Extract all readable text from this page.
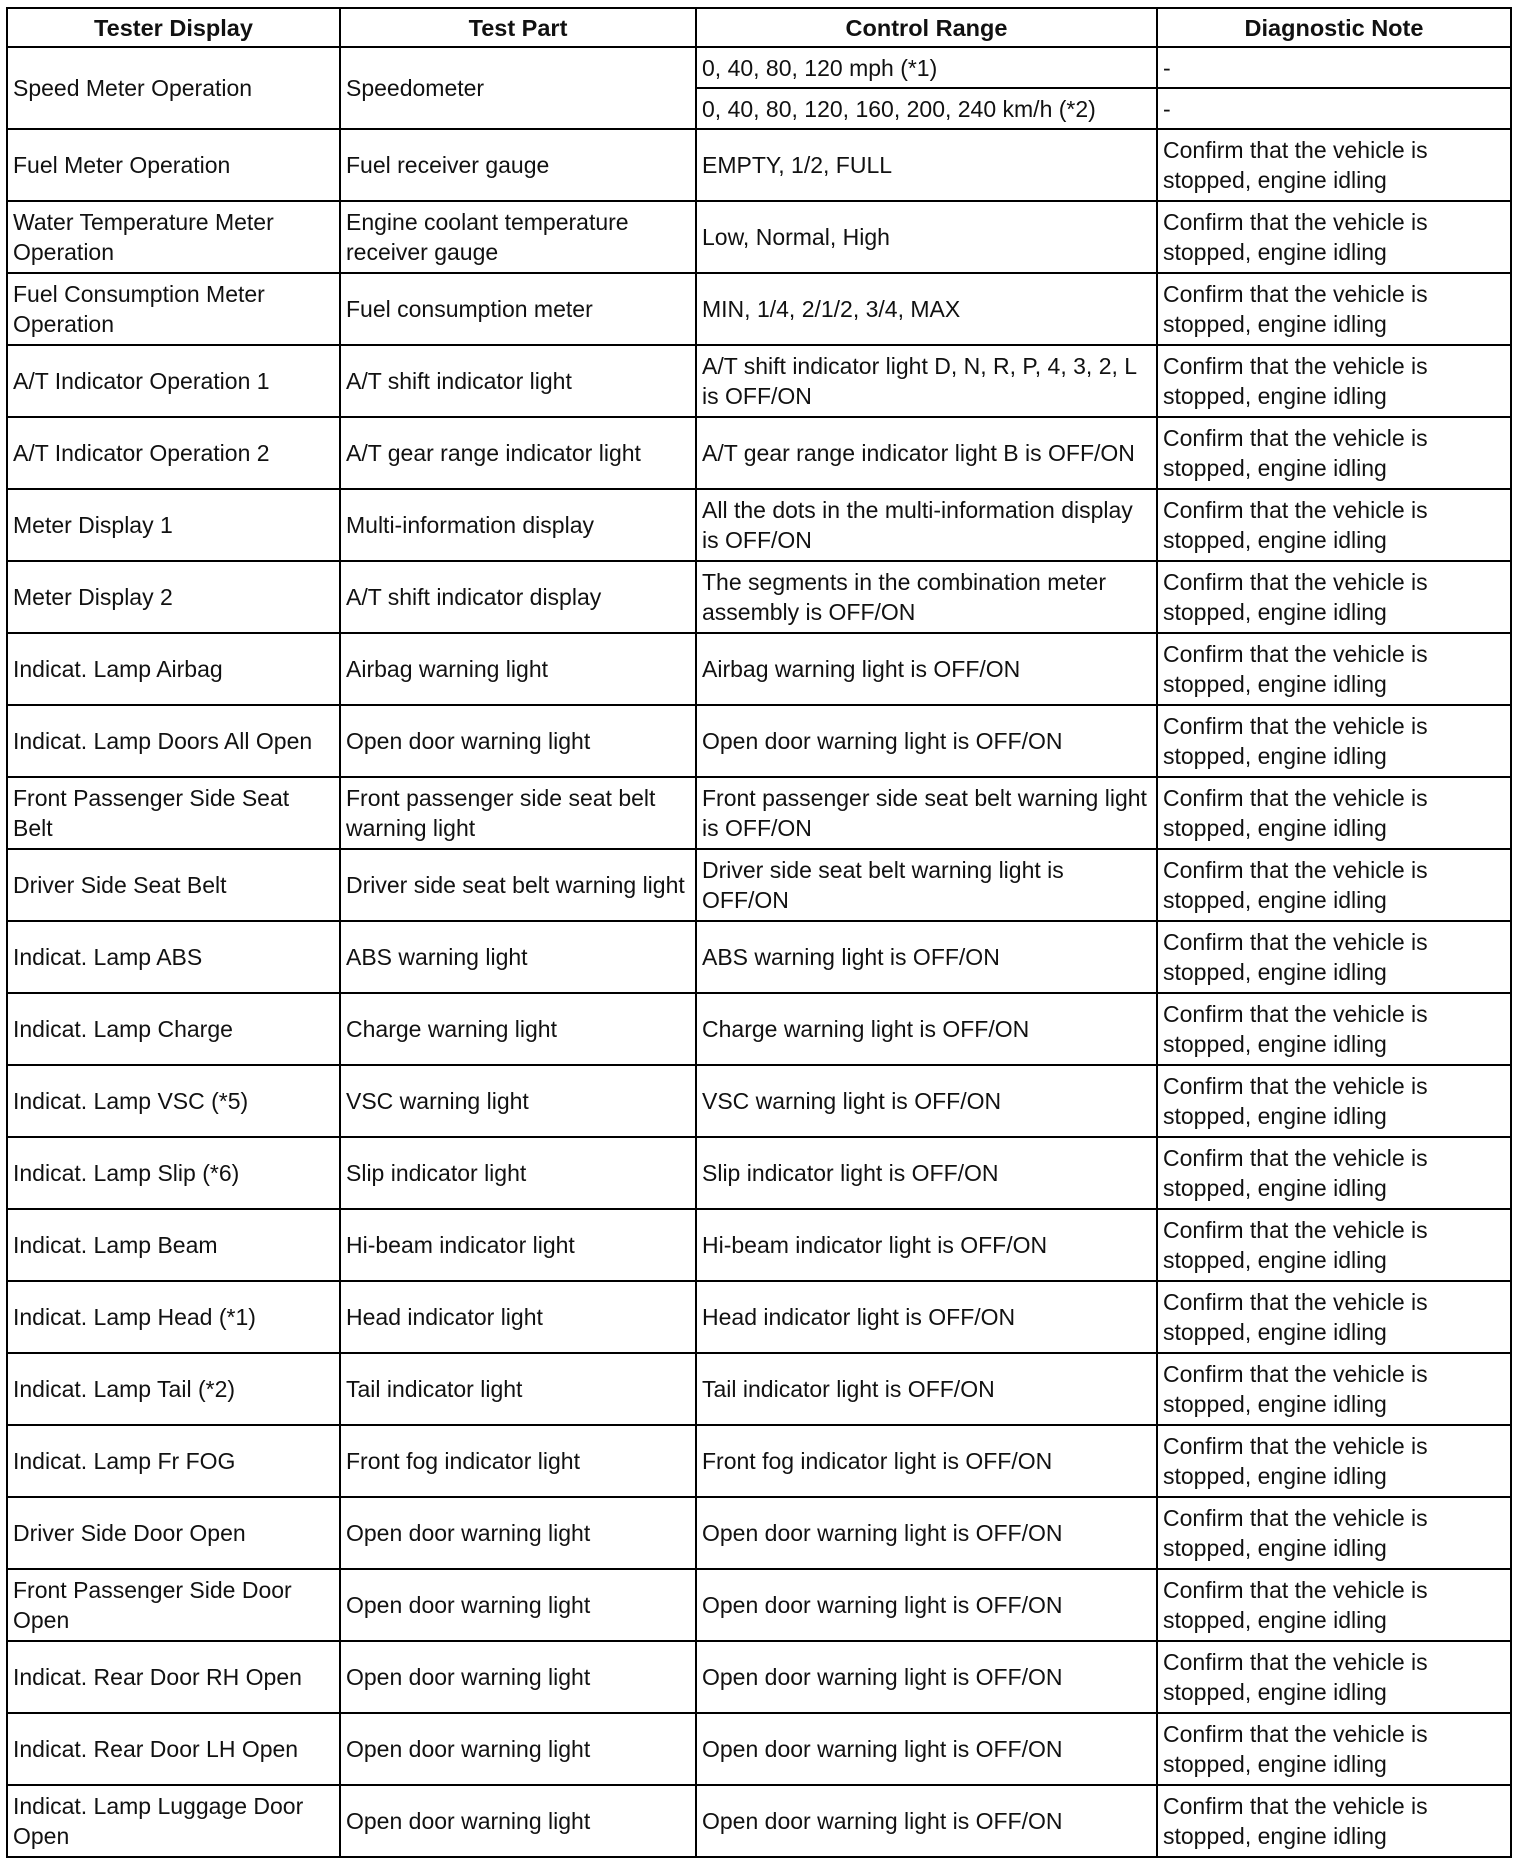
Tester Display	Test Part	Control Range	Diagnostic Note
Speed Meter Operation	Speedometer	0, 40, 80, 120 mph (*1)	-
		0, 40, 80, 120, 160, 200, 240 km/h (*2)	-
Fuel Meter Operation	Fuel receiver gauge	EMPTY, 1/2, FULL	Confirm that the vehicle is stopped, engine idling
Water Temperature Meter Operation	Engine coolant temperature receiver gauge	Low, Normal, High	Confirm that the vehicle is stopped, engine idling
Fuel Consumption Meter Operation	Fuel consumption meter	MIN, 1/4, 2/1/2, 3/4, MAX	Confirm that the vehicle is stopped, engine idling
A/T Indicator Operation 1	A/T shift indicator light	A/T shift indicator light D, N, R, P, 4, 3, 2, L is OFF/ON	Confirm that the vehicle is stopped, engine idling
A/T Indicator Operation 2	A/T gear range indicator light	A/T gear range indicator light B is OFF/ON	Confirm that the vehicle is stopped, engine idling
Meter Display 1	Multi-information display	All the dots in the multi-information display is OFF/ON	Confirm that the vehicle is stopped, engine idling
Meter Display 2	A/T shift indicator display	The segments in the combination meter assembly is OFF/ON	Confirm that the vehicle is stopped, engine idling
Indicat. Lamp Airbag	Airbag warning light	Airbag warning light is OFF/ON	Confirm that the vehicle is stopped, engine idling
Indicat. Lamp Doors All Open	Open door warning light	Open door warning light is OFF/ON	Confirm that the vehicle is stopped, engine idling
Front Passenger Side Seat Belt	Front passenger side seat belt warning light	Front passenger side seat belt warning light is OFF/ON	Confirm that the vehicle is stopped, engine idling
Driver Side Seat Belt	Driver side seat belt warning light	Driver side seat belt warning light is OFF/ON	Confirm that the vehicle is stopped, engine idling
Indicat. Lamp ABS	ABS warning light	ABS warning light is OFF/ON	Confirm that the vehicle is stopped, engine idling
Indicat. Lamp Charge	Charge warning light	Charge warning light is OFF/ON	Confirm that the vehicle is stopped, engine idling
Indicat. Lamp VSC (*5)	VSC warning light	VSC warning light is OFF/ON	Confirm that the vehicle is stopped, engine idling
Indicat. Lamp Slip (*6)	Slip indicator light	Slip indicator light is OFF/ON	Confirm that the vehicle is stopped, engine idling
Indicat. Lamp Beam	Hi-beam indicator light	Hi-beam indicator light is OFF/ON	Confirm that the vehicle is stopped, engine idling
Indicat. Lamp Head (*1)	Head indicator light	Head indicator light is OFF/ON	Confirm that the vehicle is stopped, engine idling
Indicat. Lamp Tail (*2)	Tail indicator light	Tail indicator light is OFF/ON	Confirm that the vehicle is stopped, engine idling
Indicat. Lamp Fr FOG	Front fog indicator light	Front fog indicator light is OFF/ON	Confirm that the vehicle is stopped, engine idling
Driver Side Door Open	Open door warning light	Open door warning light is OFF/ON	Confirm that the vehicle is stopped, engine idling
Front Passenger Side Door Open	Open door warning light	Open door warning light is OFF/ON	Confirm that the vehicle is stopped, engine idling
Indicat. Rear Door RH Open	Open door warning light	Open door warning light is OFF/ON	Confirm that the vehicle is stopped, engine idling
Indicat. Rear Door LH Open	Open door warning light	Open door warning light is OFF/ON	Confirm that the vehicle is stopped, engine idling
Indicat. Lamp Luggage Door Open	Open door warning light	Open door warning light is OFF/ON	Confirm that the vehicle is stopped, engine idling
